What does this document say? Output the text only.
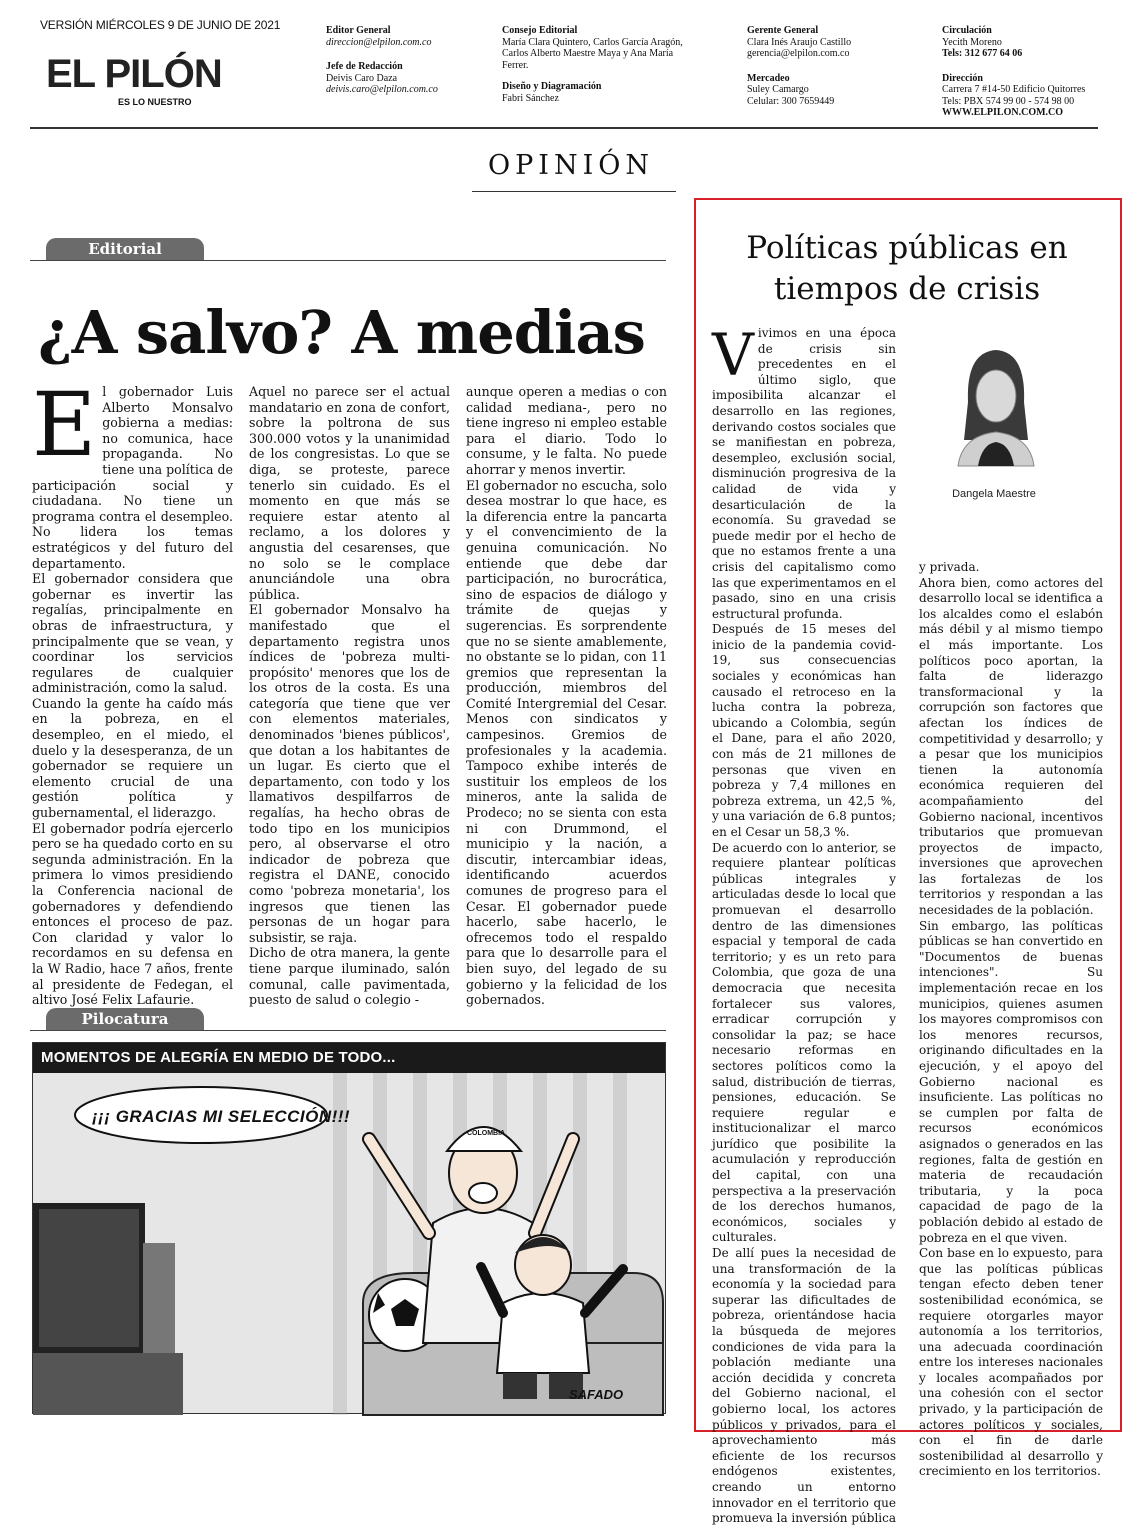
VERSIÓN MIÉRCOLES 9 DE JUNIO DE 2021
EL PILÓN
ES LO NUESTRO
Editor General
direccion@elpilon.com.co
Jefe de Redacción
Deivis Caro Daza
deivis.caro@elpilon.com.co
Consejo Editorial
María Clara Quintero, Carlos García Aragón,
Carlos Alberto Maestre Maya y Ana María
Ferrer.
Diseño y Diagramación
Fabri Sánchez
Gerente General
Clara Inés Araujo Castillo
gerencia@elpilon.com.co
Mercadeo
Suley Camargo
Celular: 300 7659449
Circulación
Yecith Moreno
Tels: 312 677 64 06
Dirección
Carrera 7 #14-50 Edificio Quitorres
Tels: PBX 574 99 00 - 574 98 00
WWW.ELPILON.COM.CO
OPINIÓN
Editorial
¿A salvo? A medias
E l gobernador Luis Alberto Monsalvo gobierna a medias: no comunica, hace propaganda. No tiene una política de participación social y ciudadana. No tiene un programa contra el desempleo. No lidera los temas estratégicos y del futuro del departamento.

El gobernador considera que gobernar es invertir las regalías, principalmente en obras de infraestructura, y principalmente que se vean, y coordinar los servicios regulares de cualquier administración, como la salud.

Cuando la gente ha caído más en la pobreza, en el desempleo, en el miedo, el duelo y la desesperanza, de un gobernador se requiere un elemento crucial de una gestión política y gubernamental, el liderazgo.

El gobernador podría ejercerlo pero se ha quedado corto en su segunda administración. En la primera lo vimos presidiendo la Conferencia nacional de gobernadores y defendiendo entonces el proceso de paz. Con claridad y valor lo recordamos en su defensa en la W Radio, hace 7 años, frente al presidente de Fedegan, el altivo José Felix Lafaurie.

Aquel no parece ser el actual mandatario en zona de confort, sobre la poltrona de sus 300.000 votos y la unanimidad de los congresistas. Lo que se diga, se proteste, parece tenerlo sin cuidado. Es el momento en que más se requiere estar atento al reclamo, a los dolores y angustia del cesarenses, que no solo se le complace anunciándole una obra pública.

El gobernador Monsalvo ha manifestado que el departamento registra unos índices de 'pobreza multi-propósito' menores que los de los otros de la costa. Es una categoría que tiene que ver con elementos materiales, denominados 'bienes públicos', que dotan a los habitantes de un lugar. Es cierto que el departamento, con todo y los llamativos despilfarros de regalías, ha hecho obras de todo tipo en los municipios pero, al observarse el otro indicador de pobreza que registra el DANE, conocido como 'pobreza monetaria', los ingresos que tienen las personas de un hogar para subsistir, se raja.

Dicho de otra manera, la gente tiene parque iluminado, salón comunal, calle pavimentada, puesto de salud o colegio -

aunque operen a medias o con calidad mediana-, pero no tiene ingreso ni empleo estable para el diario. Todo lo consume, y le falta. No puede ahorrar y menos invertir.

El gobernador no escucha, solo desea mostrar lo que hace, es la diferencia entre la pancarta y el convencimiento de la genuina comunicación. No entiende que debe dar participación, no burocrática, sino de espacios de diálogo y trámite de quejas y sugerencias. Es sorprendente que no se siente amablemente, no obstante se lo pidan, con 11 gremios que representan la producción, miembros del Comité Intergremial del Cesar. Menos con sindicatos y campesinos. Gremios de profesionales y la academia. Tampoco exhibe interés de sustituir los empleos de los mineros, ante la salida de Prodeco; no se sienta con esta ni con Drummond, el municipio y la nación, a discutir, intercambiar ideas, identificando acuerdos comunes de progreso para el Cesar. El gobernador puede hacerlo, sabe hacerlo, le ofrecemos todo el respaldo para que lo desarrolle para el bien suyo, del legado de su gobierno y la felicidad de los gobernados.

Pilocatura
MOMENTOS DE ALEGRÍA EN MEDIO DE TODO...
COLOMBIA
SAFADO
¡¡¡ GRACIAS MI SELECCIÓN!!!
Políticas públicas en tiempos de crisis
Dangela Maestre
V ivimos en una época de crisis sin precedentes en el último siglo, que imposibilita alcanzar el desarrollo en las regiones, derivando costos sociales que se manifiestan en pobreza, desempleo, exclusión social, disminución progresiva de la calidad de vida y desarticulación de la economía. Su gravedad se puede medir por el hecho de que no estamos frente a una crisis del capitalismo como las que experimentamos en el pasado, sino en una crisis estructural profunda.

Después de 15 meses del inicio de la pandemia covid-19, sus consecuencias sociales y económicas han causado el retroceso en la lucha contra la pobreza, ubicando a Colombia, según el Dane, para el año 2020, con más de 21 millones de personas que viven en pobreza y 7,4 millones en pobreza extrema, un 42,5 %, y una variación de 6.8 puntos; en el Cesar un 58,3 %.

De acuerdo con lo anterior, se requiere plantear políticas públicas integrales y articuladas desde lo local que promuevan el desarrollo dentro de las dimensiones espacial y temporal de cada territorio; y es un reto para Colombia, que goza de una democracia que necesita fortalecer sus valores, erradicar corrupción y consolidar la paz; se hace necesario reformas en sectores políticos como la salud, distribución de tierras, pensiones, educación. Se requiere regular e institucionalizar el marco jurídico que posibilite la acumulación y reproducción del capital, con una perspectiva a la preservación de los derechos humanos, económicos, sociales y culturales.

De allí pues la necesidad de una transformación de la economía y la sociedad para superar las dificultades de pobreza, orientándose hacia la búsqueda de mejores condiciones de vida para la población mediante una acción decidida y concreta del Gobierno nacional, el gobierno local, los actores públicos y privados, para el aprovechamiento más eficiente de los recursos endógenos existentes, creando un entorno innovador en el territorio que promueva la inversión pública

y privada.

Ahora bien, como actores del desarrollo local se identifica a los alcaldes como el eslabón más débil y al mismo tiempo el más importante. Los políticos poco aportan, la falta de liderazgo transformacional y la corrupción son factores que afectan los índices de competitividad y desarrollo; y a pesar que los municipios tienen la autonomía económica requieren del acompañamiento del Gobierno nacional, incentivos tributarios que promuevan proyectos de impacto, inversiones que aprovechen las fortalezas de los territorios y respondan a las necesidades de la población.

Sin embargo, las políticas públicas se han convertido en "Documentos de buenas intenciones". Su implementación recae en los municipios, quienes asumen los mayores compromisos con los menores recursos, originando dificultades en la ejecución, y el apoyo del Gobierno nacional es insuficiente. Las políticas no se cumplen por falta de recursos económicos asignados o generados en las regiones, falta de gestión en materia de recaudación tributaria, y la poca capacidad de pago de la población debido al estado de pobreza en el que viven.

Con base en lo expuesto, para que las políticas públicas tengan efecto deben tener sostenibilidad económica, se requiere otorgarles mayor autonomía a los territorios, una adecuada coordinación entre los intereses nacionales y locales acompañados por una cohesión con el sector privado, y la participación de actores políticos y sociales, con el fin de darle sostenibilidad al desarrollo y crecimiento en los territorios.
